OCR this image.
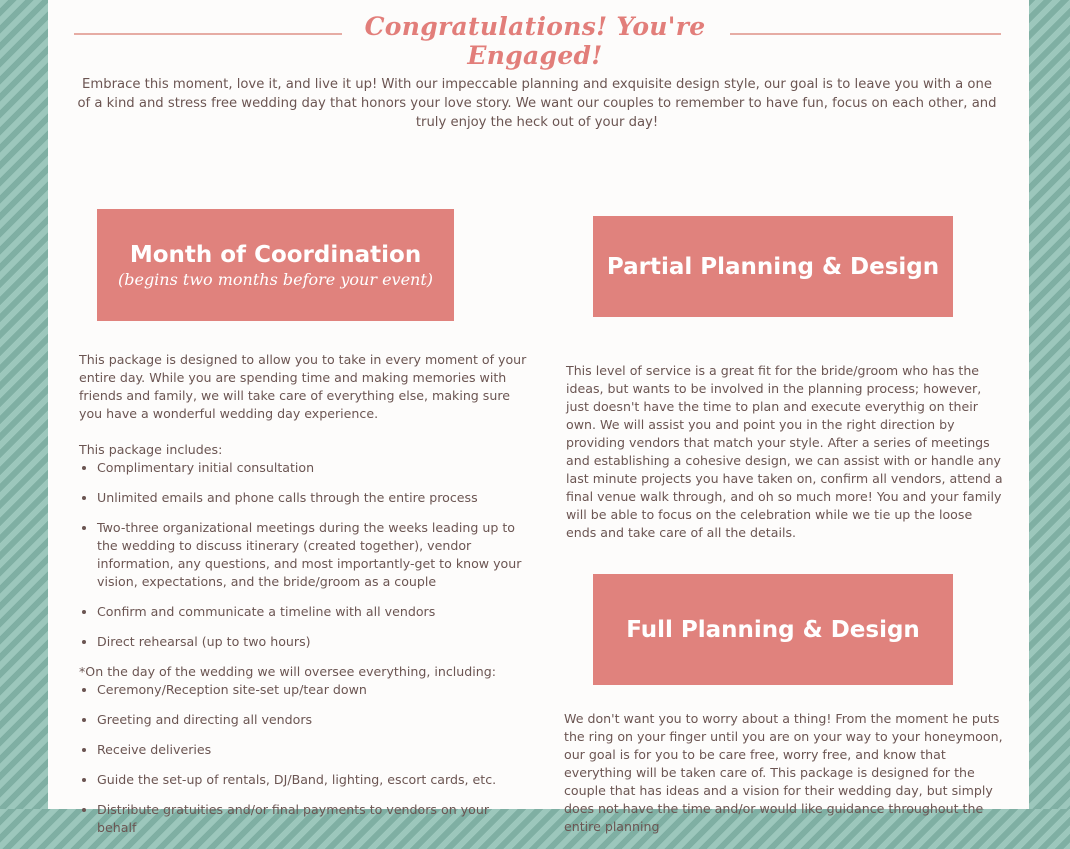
Congratulations! You're Engaged!
Embrace this moment, love it, and live it up! With our impeccable planning and exquisite design style, our goal is to leave you with a one of a kind and stress free wedding day that honors your love story. We want our couples to remember to have fun, focus on each other, and truly enjoy the heck out of your day!
Month of Coordination
(begins two months before your event)

This package is designed to allow you to take in every moment of your entire day. While you are spending time and making memories with friends and family, we will take care of everything else, making sure you have a wonderful wedding day experience.

This package includes:

• Complimentary initial consultation
• Unlimited emails and phone calls through the entire process
• Two-three organizational meetings during the weeks leading up to the wedding to discuss itinerary (created together), vendor information, any questions, and most importantly-get to know your vision, expectations, and the bride/groom as a couple
• Confirm and communicate a timeline with all vendors
• Direct rehearsal (up to two hours)

*On the day of the wedding we will oversee everything, including:

• Ceremony/Reception site-set up/tear down
• Greeting and directing all vendors
• Receive deliveries
• Guide the set-up of rentals, DJ/Band, lighting, escort cards, etc.
• Distribute gratuities and/or final payments to vendors on your behalf
Partial Planning & Design

This level of service is a great fit for the bride/groom who has the ideas, but wants to be involved in the planning process; however, just doesn't have the time to plan and execute everythig on their own. We will assist you and point you in the right direction by providing vendors that match your style. After a series of meetings and establishing a cohesive design, we can assist with or handle any last minute projects you have taken on, confirm all vendors, attend a final venue walk through, and oh so much more! You and your family will be able to focus on the celebration while we tie up the loose ends and take care of all the details.

Full Planning & Design

We don't want you to worry about a thing! From the moment he puts the ring on your finger until you are on your way to your honeymoon, our goal is for you to be care free, worry free, and know that everything will be taken care of. This package is designed for the couple that has ideas and a vision for their wedding day, but simply does not have the time and/or would like guidance throughout the entire planning
